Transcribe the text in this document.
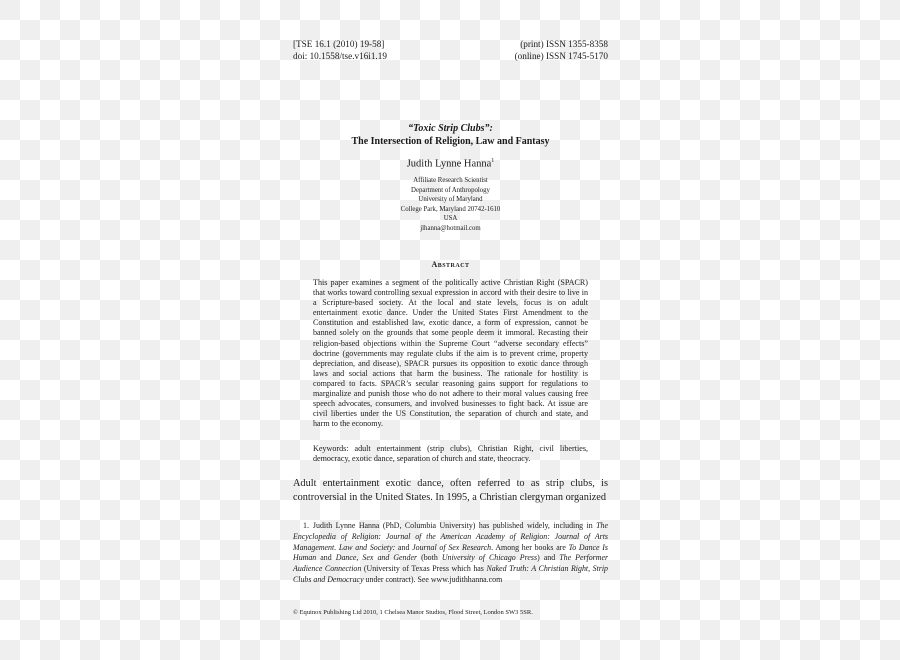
[TSE 16.1 (2010) 19-58]
doi: 10.1558/tse.v16i1.19
(print) ISSN 1355-8358
(online) ISSN 1745-5170
“Toxic Strip Clubs”:
The Intersection of Religion, Law and Fantasy
Judith Lynne Hanna$^1$
Affiliate Research Scientist
Department of Anthropology
University of Maryland
College Park, Maryland 20742-1610
USA
jlhanna@hotmail.com
Abstract
This paper examines a segment of the politically active Christian Right (SPACR) that works toward controlling sexual expression in accord with their desire to live in a Scripture-based society. At the local and state levels, focus is on adult entertainment exotic dance. Under the United States First Amendment to the Constitution and established law, exotic dance, a form of expression, cannot be banned solely on the grounds that some people deem it immoral. Recasting their religion-based objections within the Supreme Court “adverse secondary effects” doctrine (governments may regulate clubs if the aim is to prevent crime, property depreciation, and disease), SPACR pursues its opposition to exotic dance through laws and social actions that harm the business. The rationale for hostility is compared to facts. SPACR’s secular reasoning gains support for regulations to marginalize and punish those who do not adhere to their moral values causing free speech advocates, consumers, and involved businesses to fight back. At issue are civil liberties under the US Constitution, the separation of church and state, and harm to the economy.
Keywords: adult entertainment (strip clubs), Christian Right, civil liberties, democracy, exotic dance, separation of church and state, theocracy.
Adult entertainment exotic dance, often referred to as strip clubs, is controversial in the United States. In 1995, a Christian clergyman organized
1. Judith Lynne Hanna (PhD, Columbia University) has published widely, including in The Encyclopedia of Religion: Journal of the American Academy of Religion: Journal of Arts Management. Law and Society: and Journal of Sex Research. Among her books are To Dance Is Human and Dance, Sex and Gender (both University of Chicago Press) and The Performer Audience Connection (University of Texas Press which has Naked Truth: A Christian Right, Strip Clubs and Democracy under contract). See www.judithhanna.com
© Equinox Publishing Ltd 2010, 1 Chelsea Manor Studios, Flood Street, London SW3 5SR.
